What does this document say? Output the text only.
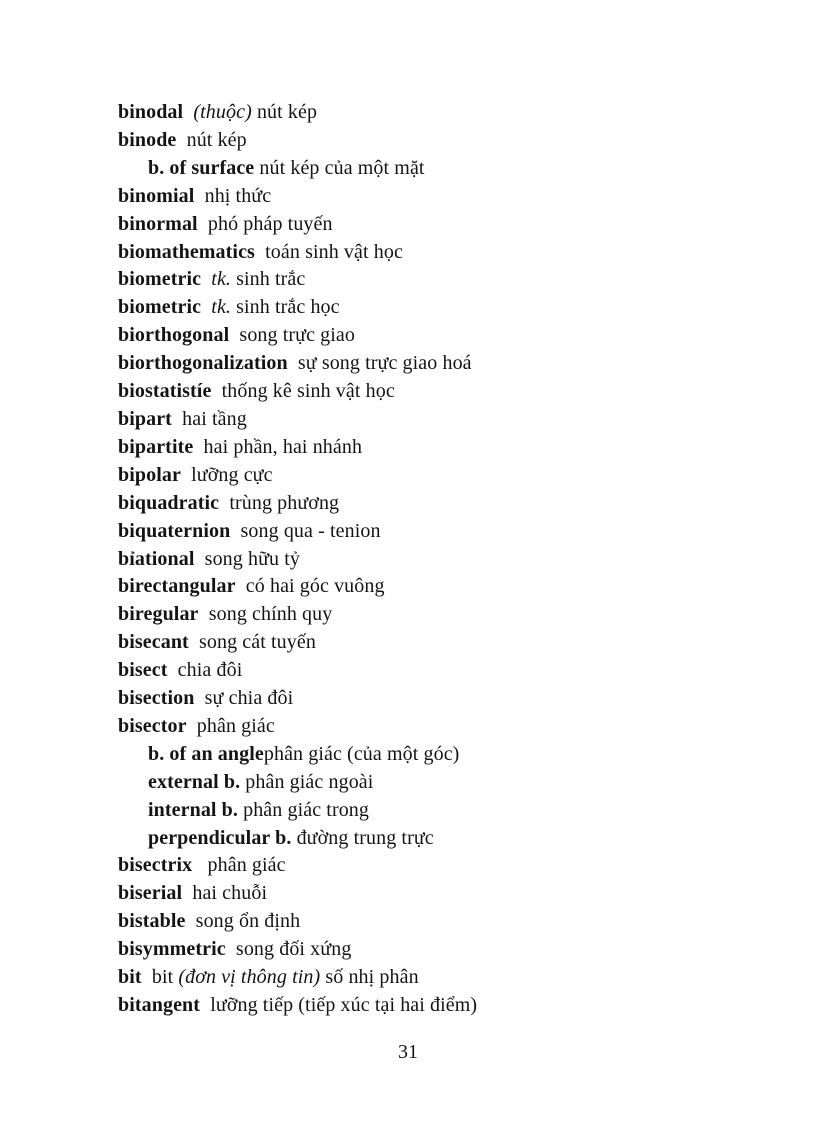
binodal (thuộc) nút kép
binode  nút kép
b. of surface nút kép của một mặt
binomial  nhị thức
binormal  phó pháp tuyến
biomathematics  toán sinh vật học
biometric tk. sinh trắc
biometric tk. sinh trắc học
biorthogonal  song trực giao
biorthogonalization  sự song trực giao hoá
biostatistíe  thống kê sinh vật học
bipart  hai tầng
bipartite  hai phần, hai nhánh
bipolar  lưỡng cực
biquadratic  trùng phương
biquaternion  song qua - tenion
bỉational  song hữu tỷ
birectangular  có hai góc vuông
biregular  song chính quy
bisecant  song cát tuyến
bisect  chia đôi
bisection  sự chia đôi
bisector  phân giác
b. of an anglephân giác (của một góc)
external b. phân giác ngoài
internal b. phân giác trong
perpendicular b. đường trung trực
bisectrix   phân giác
biserial  hai chuỗi
bistable  song ổn định
bisymmetric  song đối xứng
bit  bit (đơn vị thông tin) số nhị phân
bitangent  lưỡng tiếp (tiếp xúc tại hai điểm)
31
